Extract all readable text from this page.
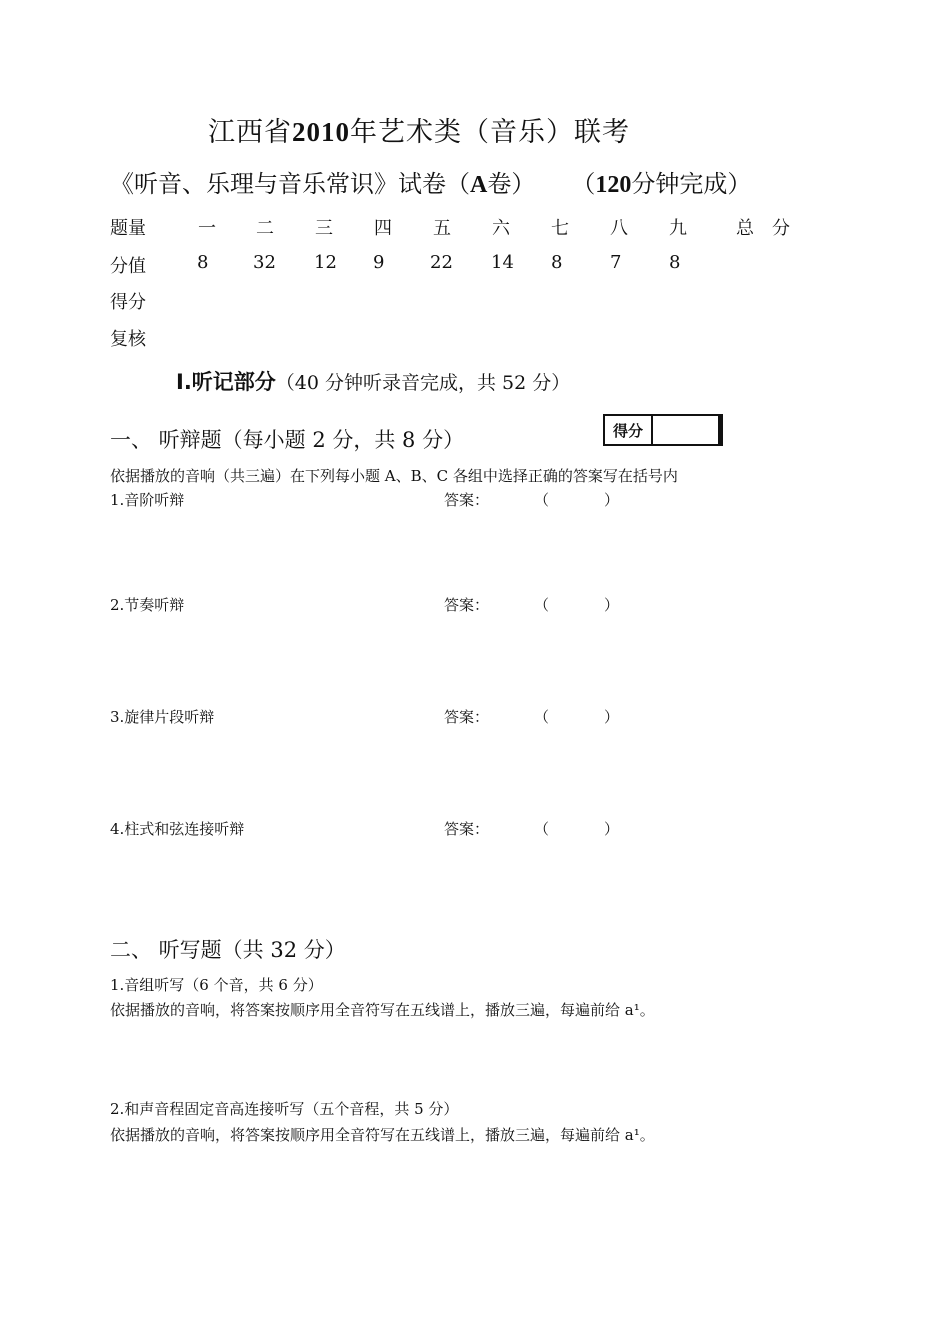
江西省2010年艺术类（音乐）联考
《听音、乐理与音乐常识》试卷（A卷） （120分钟完成）
题量	一 二 三 四 五 六 七 八 九	总　分
分值	8 32 12 9	22 14 8	7	8
得分
复核
Ⅰ.听记部分（40 分钟听录音完成，共 52 分）
一、 听辩题（每小题 2 分，共 8 分）	得分
依据播放的音响（共三遍）在下列每小题 A、B、C 各组中选择正确的答案写在括号内
1.音阶听辩	答案：	（	）
2.节奏听辩	答案：	（	）
3.旋律片段听辩	答案：	（	）
4.柱式和弦连接听辩	答案：	（	）
二、 听写题（共 32 分）
1.音组听写（6 个音，共 6 分）
依据播放的音响，将答案按顺序用全音符写在五线谱上，播放三遍，每遍前给 a¹。
2.和声音程固定音高连接听写（五个音程，共 5 分）
依据播放的音响，将答案按顺序用全音符写在五线谱上，播放三遍，每遍前给 a¹。
